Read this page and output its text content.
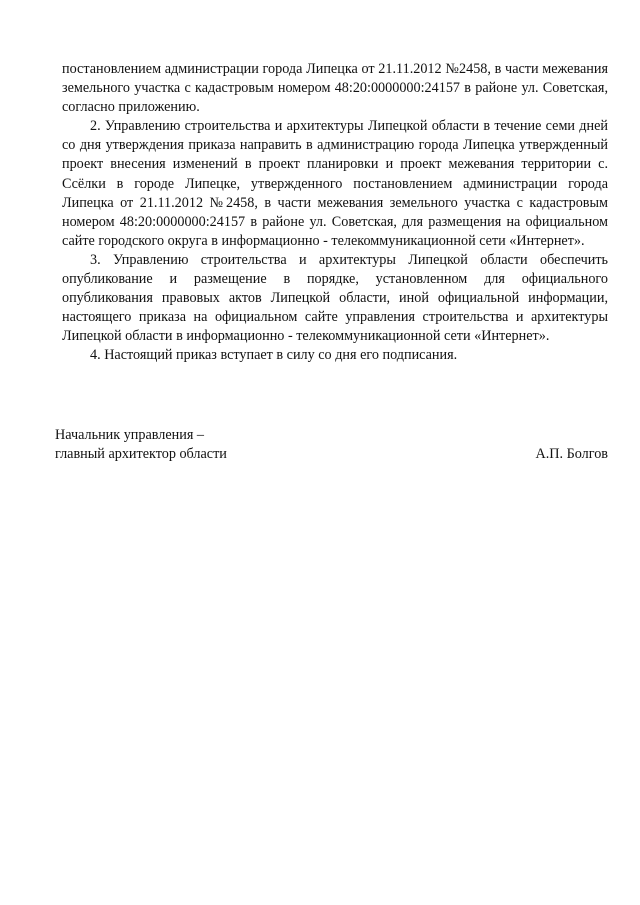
постановлением администрации города Липецка от 21.11.2012 №2458, в части межевания земельного участка с кадастровым номером 48:20:0000000:24157 в районе ул. Советская, согласно приложению.

2. Управлению строительства и архитектуры Липецкой области в течение семи дней со дня утверждения приказа направить в администрацию города Липецка утвержденный проект внесения изменений в проект планировки и проект межевания территории с. Ссёлки в городе Липецке, утвержденного постановлением администрации города Липецка от 21.11.2012 №2458, в части межевания земельного участка с кадастровым номером 48:20:0000000:24157 в районе ул. Советская, для размещения на официальном сайте городского округа в информационно - телекоммуникационной сети «Интернет».

3. Управлению строительства и архитектуры Липецкой области обеспечить опубликование и размещение в порядке, установленном для официального опубликования правовых актов Липецкой области, иной официальной информации, настоящего приказа на официальном сайте управления строительства и архитектуры Липецкой области в информационно - телекоммуникационной сети «Интернет».

4. Настоящий приказ вступает в силу со дня его подписания.

Начальник управления –
главный архитектор области	А.П. Болгов
